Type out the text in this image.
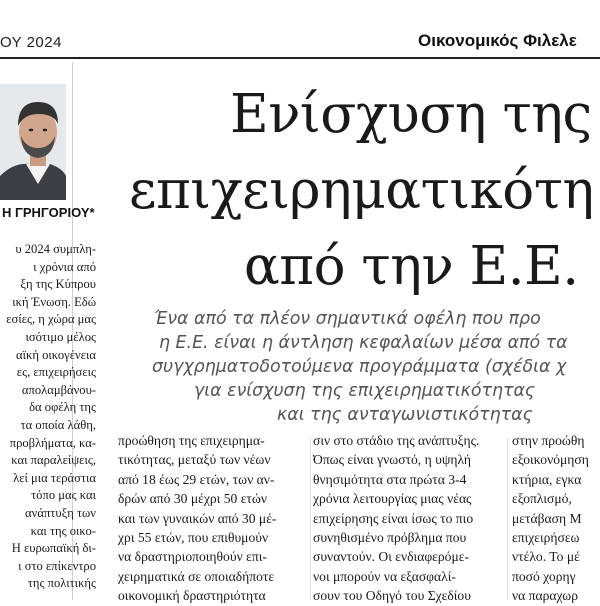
ΟΥ 2024	Οικονομικός Φιλελε
Η ΓΡΗΓΟΡΙΟΥ*
υ 2024 συμπλη-
ι χρόνια από
ξη της Κύπρου
ική Ένωση. Εδώ
εσίες, η χώρα μας
ισότιμο μέλος
αϊκή οικογένεια
ες, επιχειρήσεις
απολαμβάνου-
δα οφέλη της
τα οποία λάθη,
προβλήματα, κα-
και παραλείψεις,
λεί μια τεράστια
τόπο μας και
ανάπτυξη των
και της οικο-
Η ευρωπαϊκή δι-
ι στο επίκεντρο
της πολιτικής
Ενίσχυση της
επιχειρηματικότη
από την Ε.Ε.
Ένα από τα πλέον σημαντικά οφέλη που προ
η Ε.Ε. είναι η άντληση κεφαλαίων μέσα από τα
συγχρηματοδοτούμενα προγράμματα (σχέδια χ
για ενίσχυση της επιχειρηματικότητας
και της ανταγωνιστικότητας
προώθηση της επιχειρημα-
τικότητας, μεταξύ των νέων
από 18 έως 29 ετών, των αν-
δρών από 30 μέχρι 50 ετών
και των γυναικών από 30 μέ-
χρι 55 ετών, που επιθυμούν
να δραστηριοποιηθούν επι-
χειρηματικά σε οποιαδήποτε
οικονομική δραστηριότητα
σιν στο στάδιο της ανάπτυξης.
Όπως είναι γνωστό, η υψηλή
θνησιμότητα στα πρώτα 3-4
χρόνια λειτουργίας μιας νέας
επιχείρησης είναι ίσως το πιο
συνηθισμένο πρόβλημα που
συναντούν. Οι ενδιαφερόμε-
νοι μπορούν να εξασφαλί-
σουν του Οδηγό του Σχεδίου
στην προώθη
εξοικονόμηση
κτήρια, εγκα
εξοπλισμό,
μετάβαση Μ
επιχειρήσεω
ντέλο. Το μέ
ποσό χορηγ
να παραχωρ
